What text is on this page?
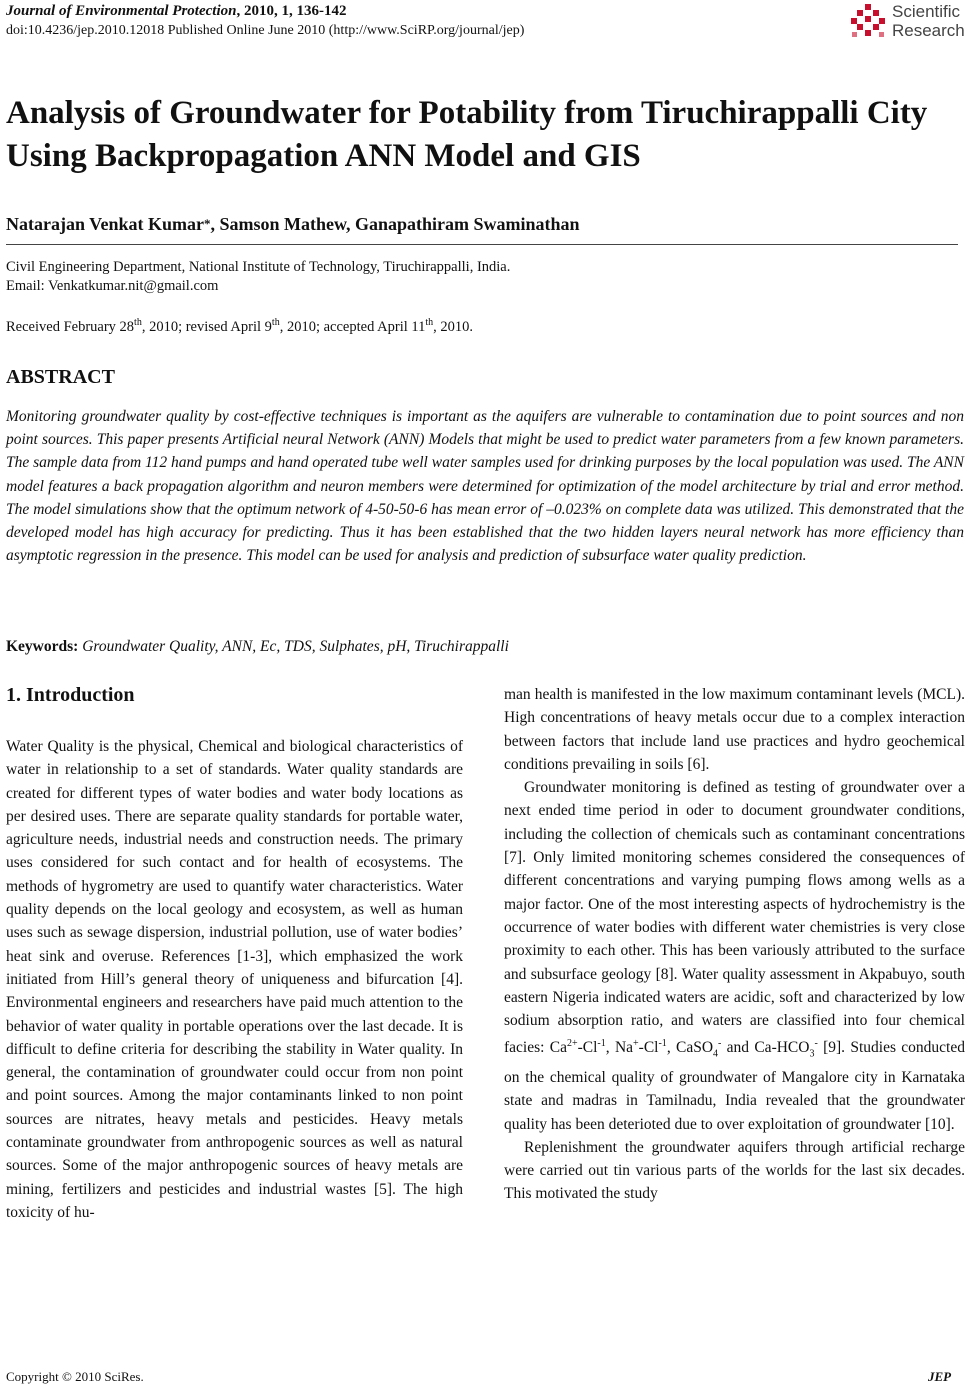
Journal of Environmental Protection, 2010, 1, 136-142
doi:10.4236/jep.2010.12018 Published Online June 2010 (http://www.SciRP.org/journal/jep)
Scientific
Research
Analysis of Groundwater for Potability from Tiruchirappalli City Using Backpropagation ANN Model and GIS
Natarajan Venkat Kumar*, Samson Mathew, Ganapathiram Swaminathan
Civil Engineering Department, National Institute of Technology, Tiruchirappalli, India.
Email: Venkatkumar.nit@gmail.com
Received February 28th, 2010; revised April 9th, 2010; accepted April 11th, 2010.
ABSTRACT
Monitoring groundwater quality by cost-effective techniques is important as the aquifers are vulnerable to contamination due to point sources and non point sources. This paper presents Artificial neural Network (ANN) Models that might be used to predict water parameters from a few known parameters. The sample data from 112 hand pumps and hand operated tube well water samples used for drinking purposes by the local population was used. The ANN model features a back propagation algorithm and neuron members were determined for optimization of the model architecture by trial and error method. The model simulations show that the optimum network of 4-50-50-6 has mean error of –0.023% on complete data was utilized. This demonstrated that the developed model has high accuracy for predicting. Thus it has been established that the two hidden layers neural network has more efficiency than asymptotic regression in the presence. This model can be used for analysis and prediction of subsurface water quality prediction.
Keywords: Groundwater Quality, ANN, Ec, TDS, Sulphates, pH, Tiruchirappalli
1. Introduction

Water Quality is the physical, Chemical and biological characteristics of water in relationship to a set of standards. Water quality standards are created for different types of water bodies and water body locations as per desired uses. There are separate quality standards for portable water, agriculture needs, industrial needs and construction needs. The primary uses considered for such contact and for health of ecosystems. The methods of hygrometry are used to quantify water characteristics. Water quality depends on the local geology and ecosystem, as well as human uses such as sewage dispersion, industrial pollution, use of water bodies’ heat sink and overuse. References [1-3], which emphasized the work initiated from Hill’s general theory of uniqueness and bifurcation [4]. Environmental engineers and researchers have paid much attention to the behavior of water quality in portable operations over the last decade. It is difficult to define criteria for describing the stability in Water quality. In general, the contamination of groundwater could occur from non point and point sources. Among the major contaminants linked to non point sources are nitrates, heavy metals and pesticides. Heavy metals contaminate groundwater from anthropogenic sources as well as natural sources. Some of the major anthropogenic sources of heavy metals are mining, fertilizers and pesticides and industrial wastes [5]. The high toxicity of hu-

man health is manifested in the low maximum contaminant levels (MCL). High concentrations of heavy metals occur due to a complex interaction between factors that include land use practices and hydro geochemical conditions prevailing in soils [6].

Groundwater monitoring is defined as testing of groundwater over a next ended time period in oder to document groundwater conditions, including the collection of chemicals such as contaminant concentrations [7]. Only limited monitoring schemes considered the consequences of different concentrations and varying pumping flows among wells as a major factor. One of the most interesting aspects of hydrochemistry is the occurrence of water bodies with different water chemistries is very close proximity to each other. This has been variously attributed to the surface and subsurface geology [8]. Water quality assessment in Akpabuyo, south eastern Nigeria indicated waters are acidic, soft and characterized by low sodium absorption ratio, and waters are classified into four chemical facies: $Ca^{2+}-Cl^{-1}$, $Na^+-Cl^{-1}$, CaSO$_4$- and $Ca-HCO_3^-$ [9]. Studies conducted on the chemical quality of groundwater of Mangalore city in Karnataka state and madras in Tamilnadu, India revealed that the groundwater quality has been deterioted due to over exploitation of groundwater [10].

Replenishment the groundwater aquifers through artificial recharge were carried out tin various parts of the worlds for the last six decades. This motivated the study

Copyright © 2010 SciRes.	JEP
